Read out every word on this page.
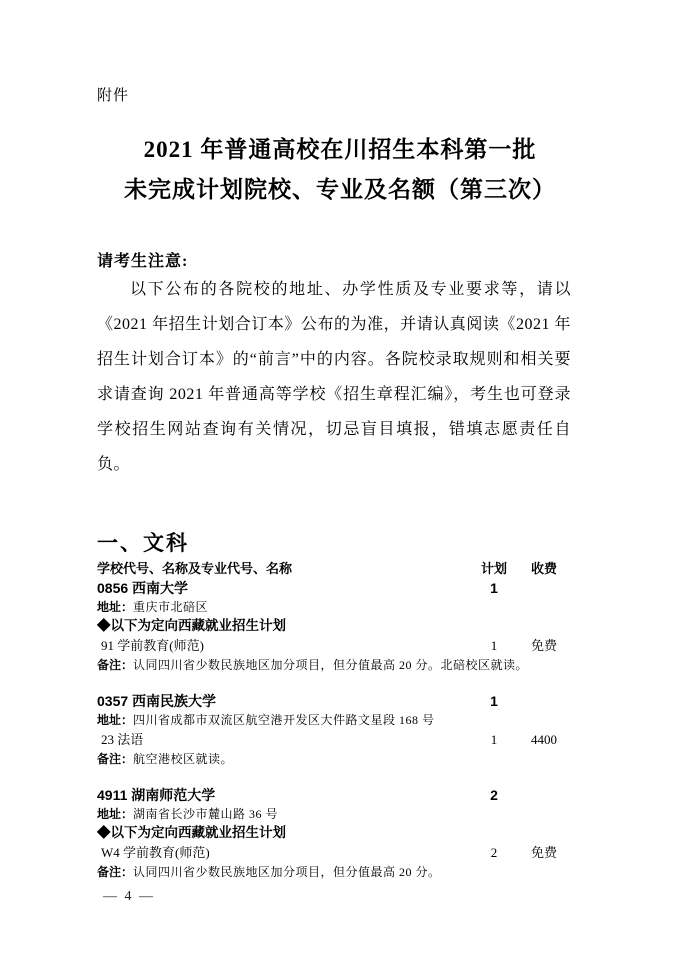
附件
2021 年普通高校在川招生本科第一批
未完成计划院校、专业及名额（第三次）
请考生注意:
以下公布的各院校的地址、办学性质及专业要求等，请以《2021 年招生计划合订本》公布的为准，并请认真阅读《2021 年招生计划合订本》的“前言”中的内容。各院校录取规则和相关要求请查询 2021 年普通高等学校《招生章程汇编》，考生也可登录学校招生网站查询有关情况，切忌盲目填报，错填志愿责任自负。
一、文科
学校代号、名称及专业代号、名称	计划	收费
0856 西南大学	1
地址：重庆市北碚区
◆以下为定向西藏就业招生计划
91 学前教育(师范)	1	免费
备注：认同四川省少数民族地区加分项目，但分值最高 20 分。北碚校区就读。
0357 西南民族大学	1
地址：四川省成都市双流区航空港开发区大件路文星段 168 号
23 法语	1	4400
备注：航空港校区就读。
4911 湖南师范大学	2
地址：湖南省长沙市麓山路 36 号
◆以下为定向西藏就业招生计划
W4 学前教育(师范)	2	免费
备注：认同四川省少数民族地区加分项目，但分值最高 20 分。
— 4 —
